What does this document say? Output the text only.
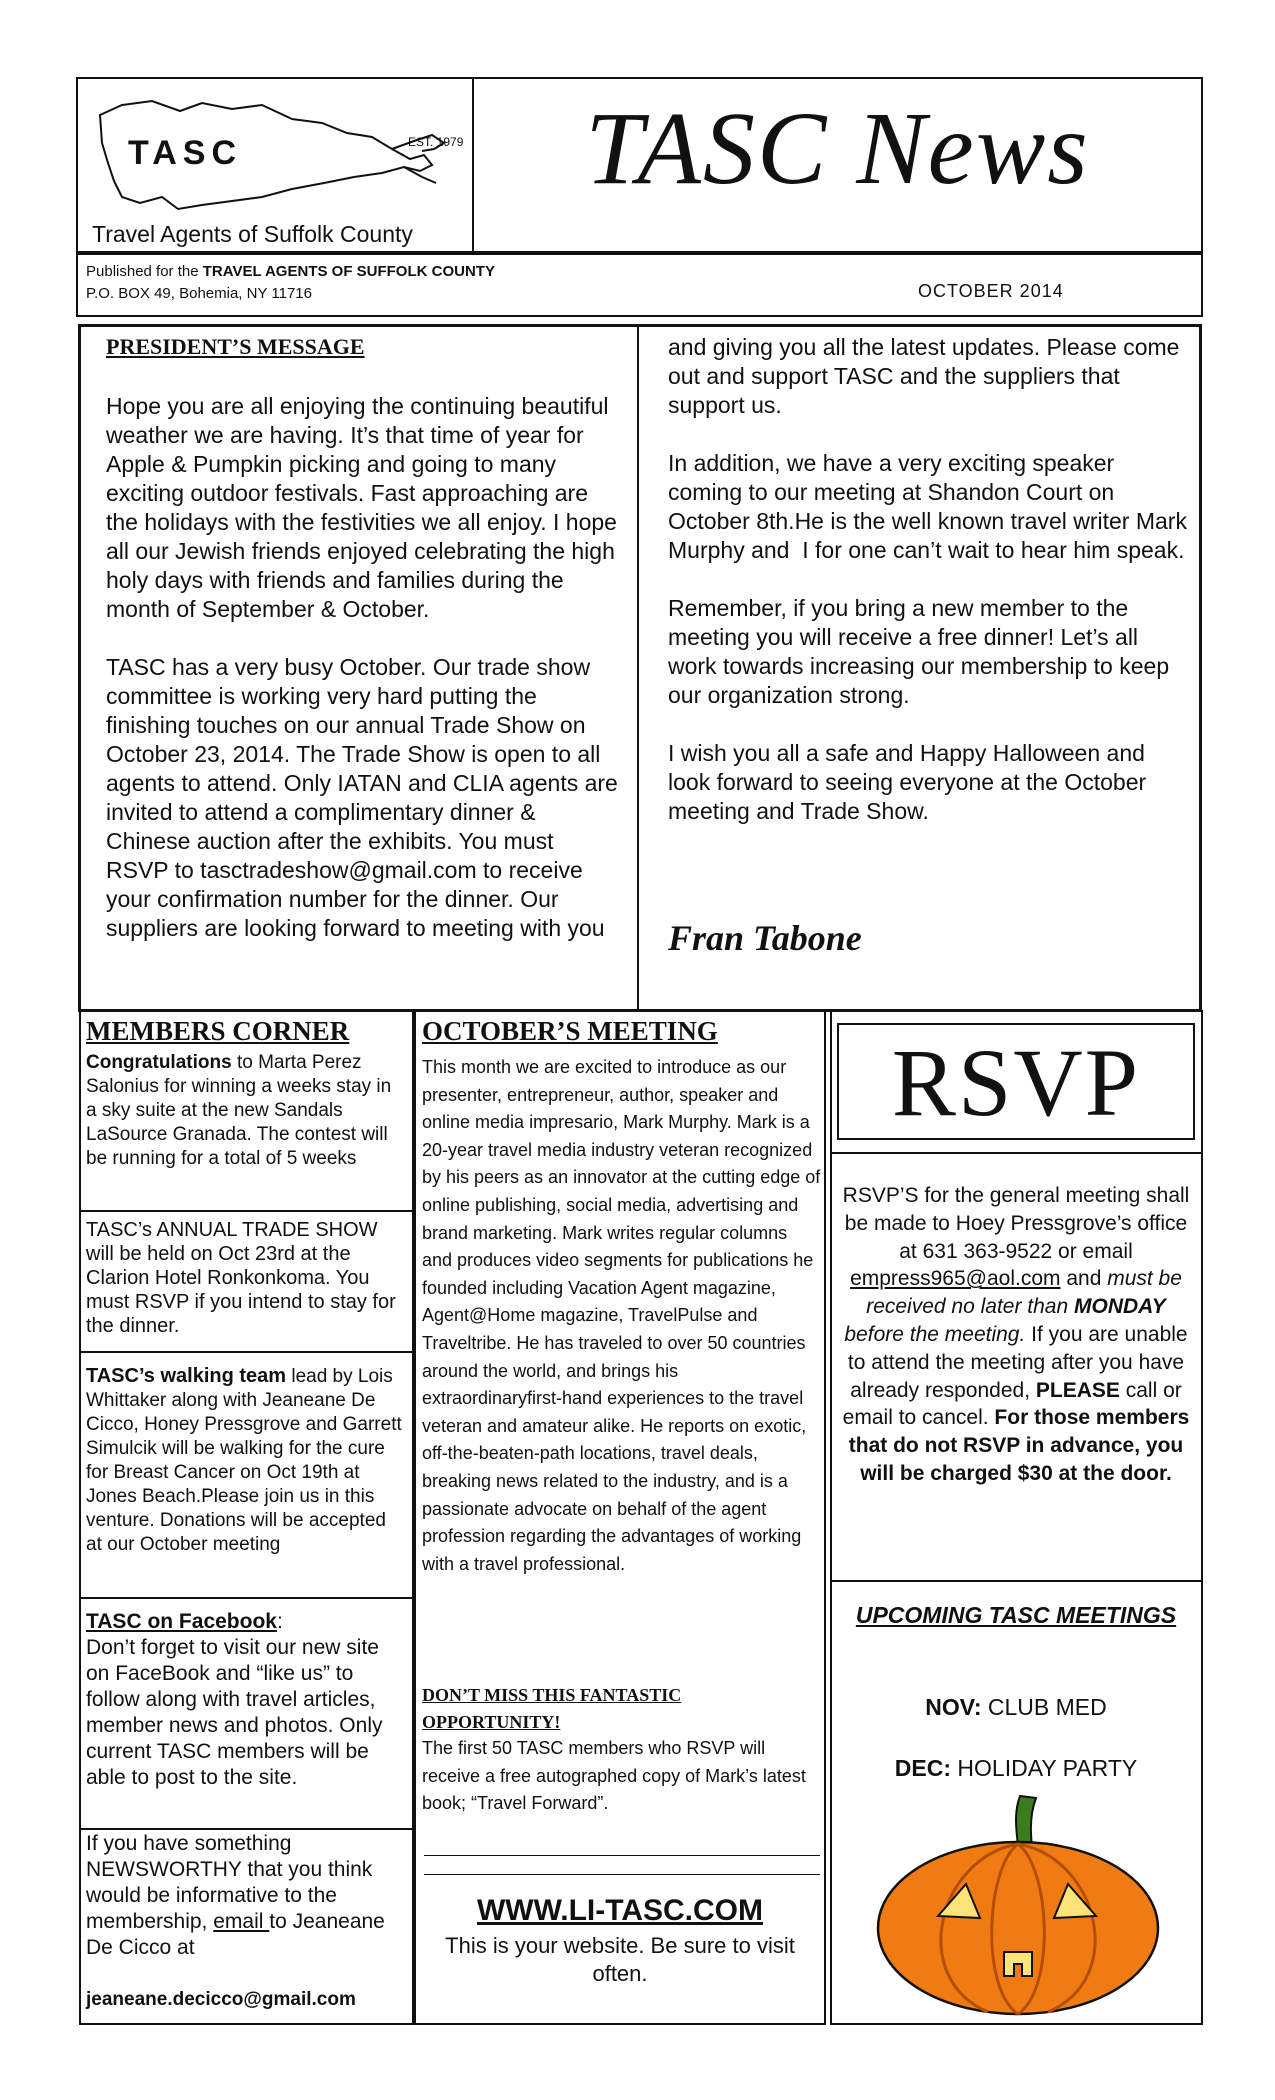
TASC	EST. 1979
Travel Agents of Suffolk County
TASC News
Published for the TRAVEL AGENTS OF SUFFOLK COUNTY
P.O. BOX 49, Bohemia, NY 11716	OCTOBER 2014
PRESIDENT’S MESSAGE
Hope you are all enjoying the continuing beautiful weather we are having. It’s that time of year for Apple & Pumpkin picking and going to many exciting outdoor festivals. Fast approaching are the holidays with the festivities we all enjoy. I hope all our Jewish friends enjoyed celebrating the high holy days with friends and families during the month of September & October.

TASC has a very busy October. Our trade show committee is working very hard putting the finishing touches on our annual Trade Show on October 23, 2014. The Trade Show is open to all agents to attend. Only IATAN and CLIA agents are invited to attend a complimentary dinner & Chinese auction after the exhibits. You must RSVP to tasctradeshow@gmail.com to receive your confirmation number for the dinner. Our suppliers are looking forward to meeting with you
and giving you all the latest updates. Please come out and support TASC and the suppliers that support us.

In addition, we have a very exciting speaker coming to our meeting at Shandon Court on October 8th.He is the well known travel writer Mark Murphy and  I for one can’t wait to hear him speak.

Remember, if you bring a new member to the meeting you will receive a free dinner! Let’s all work towards increasing our membership to keep our organization strong.

I wish you all a safe and Happy Halloween and look forward to seeing everyone at the October meeting and Trade Show.
Fran Tabone
MEMBERS CORNER
Congratulations to Marta Perez Salonius for winning a weeks stay in a sky suite at the new Sandals LaSource Granada. The contest will be running for a total of 5 weeks
TASC’s ANNUAL TRADE SHOW will be held on Oct 23rd at the Clarion Hotel Ronkonkoma. You must RSVP if you intend to stay for the dinner.
TASC’s walking team lead by Lois Whittaker along with Jeaneane De Cicco, Honey Pressgrove and Garrett Simulcik will be walking for the cure for Breast Cancer on Oct 19th at Jones Beach.Please join us in this venture. Donations will be accepted at our October meeting
TASC on Facebook:
Don’t forget to visit our new site on FaceBook and “like us” to follow along with travel articles, member news and photos. Only current TASC members will be able to post to the site.
If you have something NEWSWORTHY that you think would be informative to the membership, email to Jeaneane De Cicco at
jeaneane.decicco@gmail.com
OCTOBER’S MEETING
This month we are excited to introduce as our presenter, entrepreneur, author, speaker and online media impresario, Mark Murphy. Mark is a 20-year travel media industry veteran recognized by his peers as an innovator at the cutting edge of online publishing, social media, advertising and brand marketing. Mark writes regular columns and produces video segments for publications he founded including Vacation Agent magazine, Agent@Home magazine, TravelPulse and Traveltribe. He has traveled to over 50 countries around the world, and brings his extraordinaryfirst-hand experiences to the travel veteran and amateur alike. He reports on exotic, off-the-beaten-path locations, travel deals, breaking news related to the industry, and is a passionate advocate on behalf of the agent profession regarding the advantages of working with a travel professional.
DON’T MISS THIS FANTASTIC OPPORTUNITY!
The first 50 TASC members who RSVP will receive a free autographed copy of Mark’s latest book; “Travel Forward”.
WWW.LI-TASC.COM
This is your website. Be sure to visit often.
RSVP
RSVP’S for the general meeting shall be made to Hoey Pressgrove’s office at 631 363-9522 or email empress965@aol.com and must be received no later than MONDAY before the meeting. If you are unable to attend the meeting after you have already responded, PLEASE call or email to cancel. For those members that do not RSVP in advance, you will be charged $30 at the door.
UPCOMING TASC MEETINGS
NOV: CLUB MED
DEC: HOLIDAY PARTY
